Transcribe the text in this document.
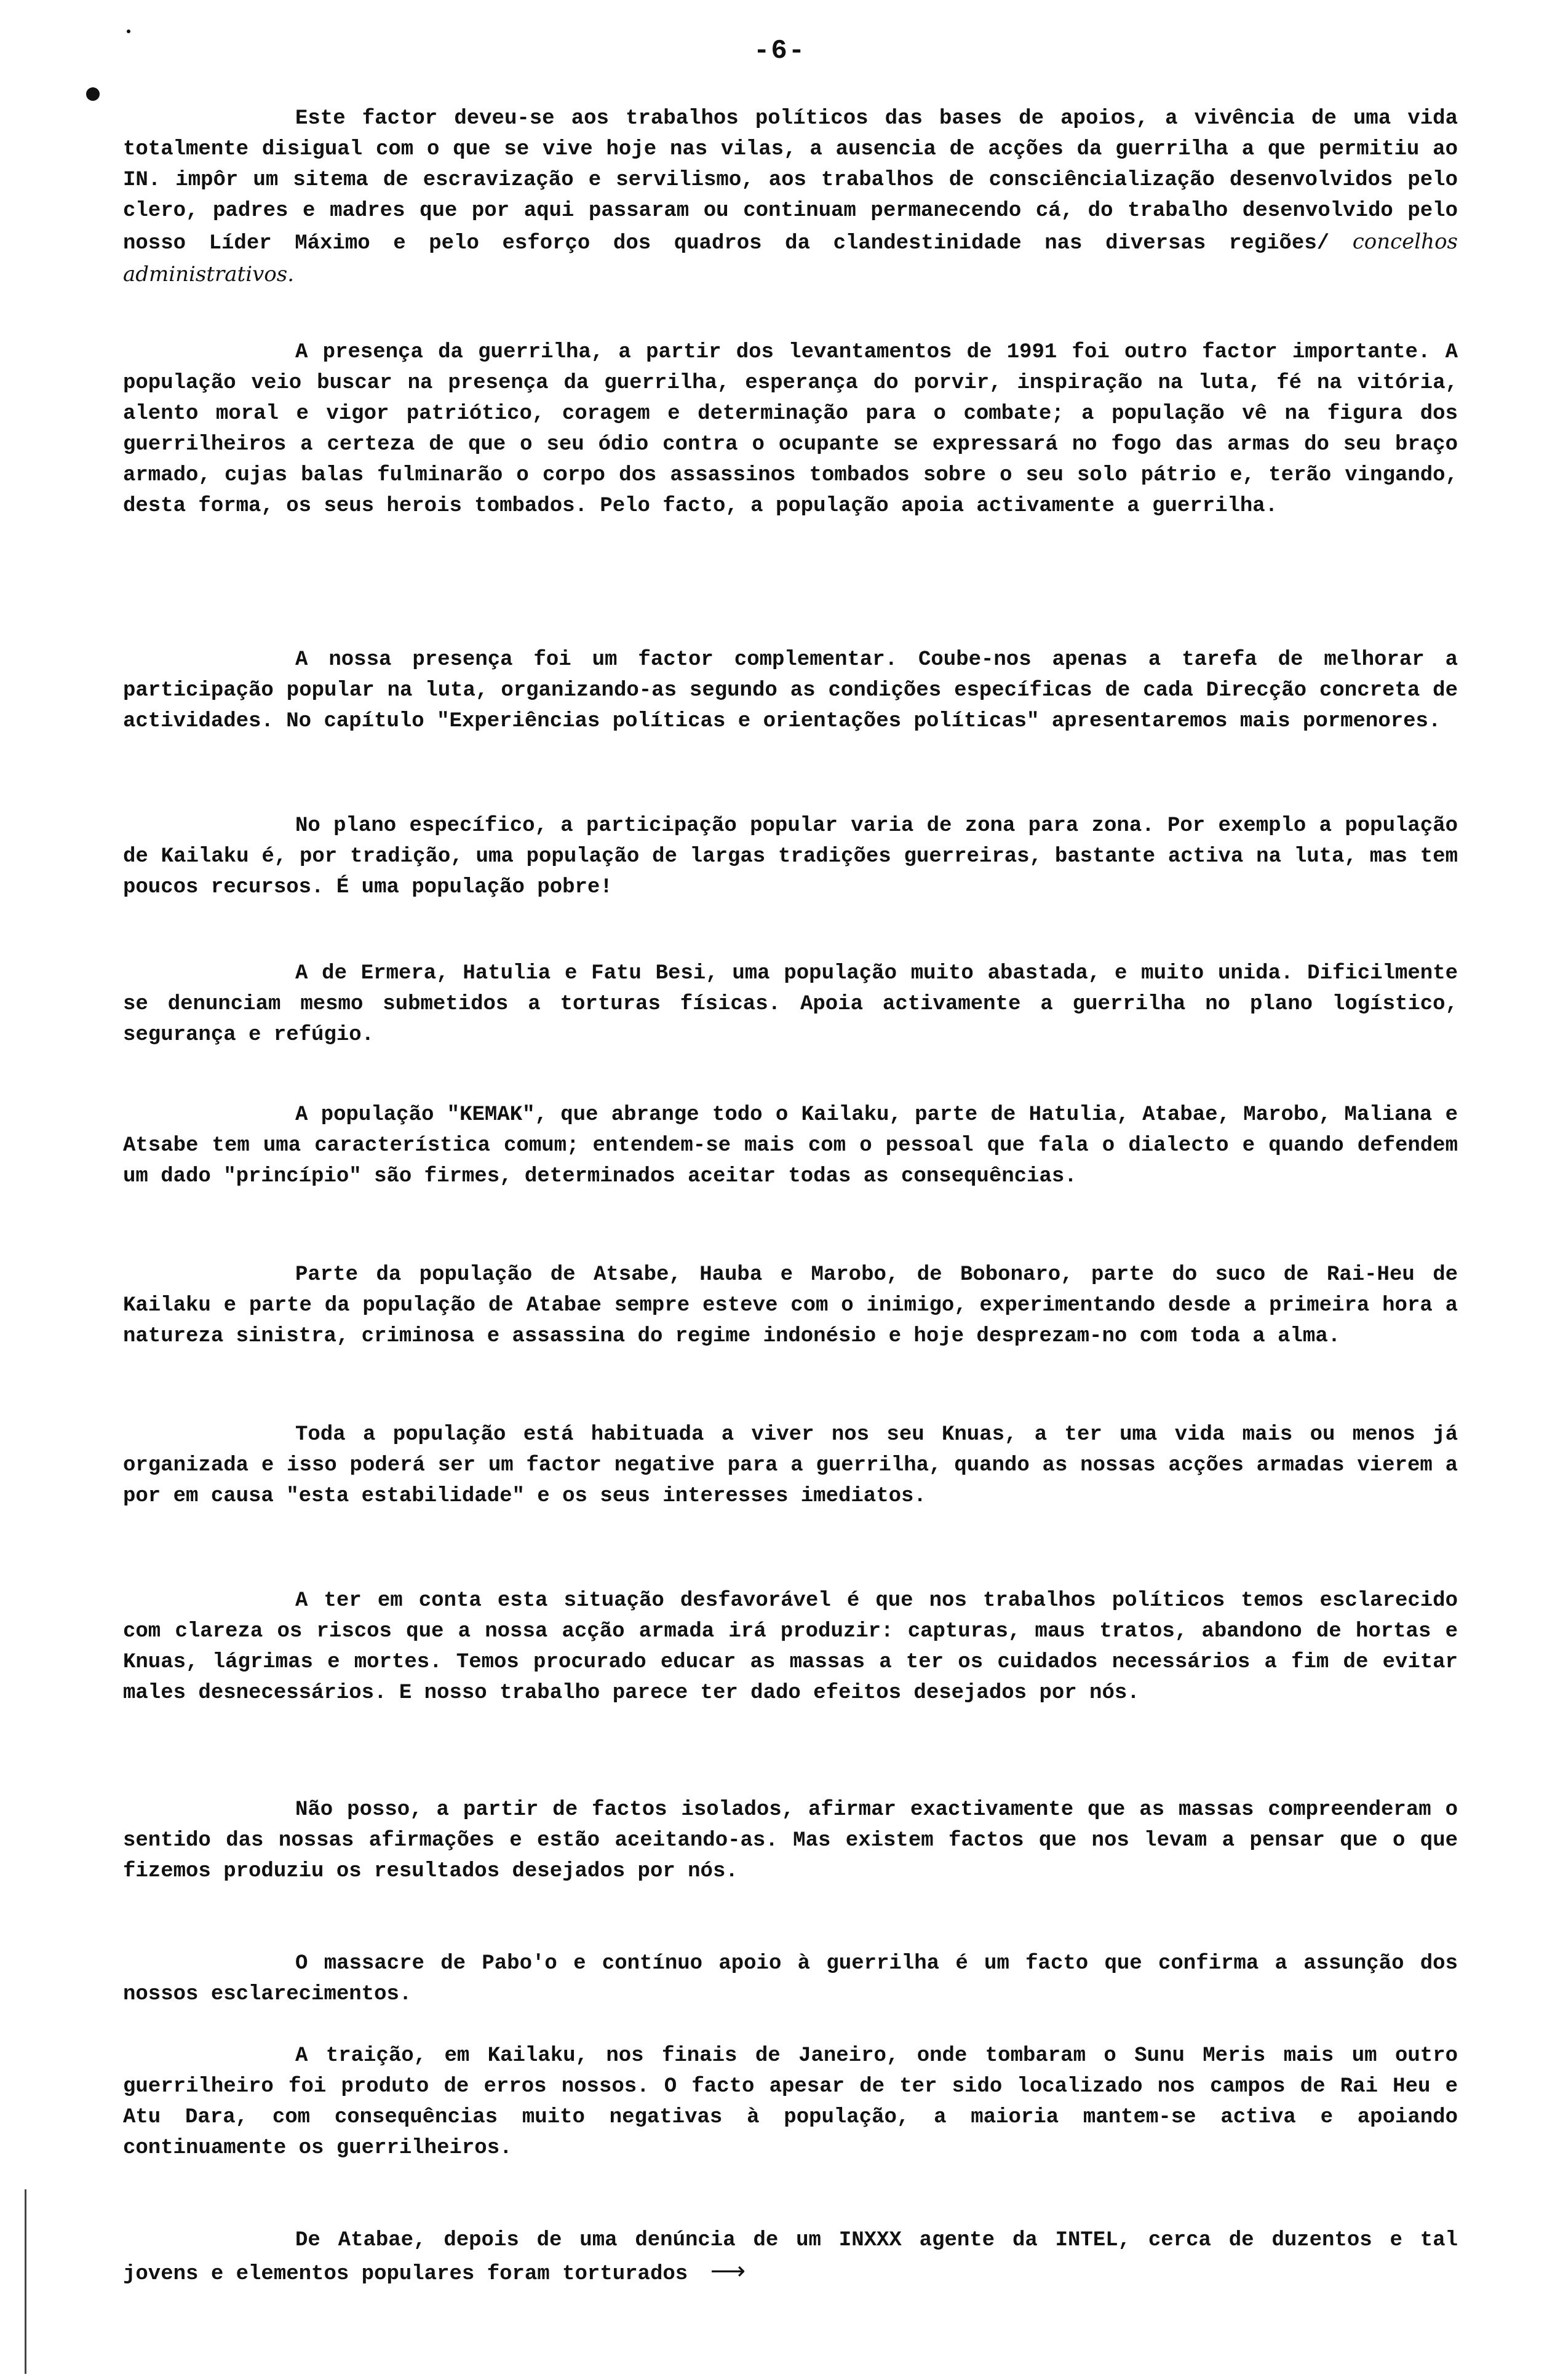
-6-
Este factor deveu-se aos trabalhos políticos das bases de apoios, a vivência de uma vida totalmente disigual com o que se vive hoje nas vilas, a ausencia de acções da guerrilha a que permitiu ao IN. impôr um sitema de escravização e servilismo, aos trabalhos de consciêncialização desenvolvidos pelo clero, padres e madres que por aqui passaram ou continuam permanecendo cá, do trabalho desenvolvido pelo nosso Líder Máximo e pelo esforço dos quadros da clandestinidade nas diversas regiões/ concelhos administrativos.
A presença da guerrilha, a partir dos levantamentos de 1991 foi outro factor importante. A população veio buscar na presença da guerrilha, esperança do porvir, inspiração na luta, fé na vitória, alento moral e vigor patriótico, coragem e determinação para o combate; a população vê na figura dos guerrilheiros a certeza de que o seu ódio contra o ocupante se expressará no fogo das armas do seu braço armado, cujas balas fulminarão o corpo dos assassinos tombados sobre o seu solo pátrio e, terão vingando, desta forma, os seus herois tombados. Pelo facto, a população apoia activamente a guerrilha.
A nossa presença foi um factor complementar. Coube-nos apenas a tarefa de melhorar a participação popular na luta, organizando-as segundo as condições específicas de cada Direcção concreta de actividades. No capítulo "Experiências políticas e orientações políticas" apresentaremos mais pormenores.
No plano específico, a participação popular varia de zona para zona. Por exemplo a população de Kailaku é, por tradição, uma população de largas tradições guerreiras, bastante activa na luta, mas tem poucos recursos. É uma população pobre!
A de Ermera, Hatulia e Fatu Besi, uma população muito abastada, e muito unida. Dificilmente se denunciam mesmo submetidos a torturas físicas. Apoia activamente a guerrilha no plano logístico, segurança e refúgio.
A população "KEMAK", que abrange todo o Kailaku, parte de Hatulia, Atabae, Marobo, Maliana e Atsabe tem uma característica comum; entendem-se mais com o pessoal que fala o dialecto e quando defendem um dado "princípio" são firmes, determinados aceitar todas as consequências.
Parte da população de Atsabe, Hauba e Marobo, de Bobonaro, parte do suco de Rai-Heu de Kailaku e parte da população de Atabae sempre esteve com o inimigo, experimentando desde a primeira hora a natureza sinistra, criminosa e assassina do regime indonésio e hoje desprezam-no com toda a alma.
Toda a população está habituada a viver nos seu Knuas, a ter uma vida mais ou menos já organizada e isso poderá ser um factor negative para a guerrilha, quando as nossas acções armadas vierem a por em causa "esta estabilidade" e os seus interesses imediatos.
A ter em conta esta situação desfavorável é que nos trabalhos políticos temos esclarecido com clareza os riscos que a nossa acção armada irá produzir: capturas, maus tratos, abandono de hortas e Knuas, lágrimas e mortes. Temos procurado educar as massas a ter os cuidados necessários a fim de evitar males desnecessários. E nosso trabalho parece ter dado efeitos desejados por nós.
Não posso, a partir de factos isolados, afirmar exactivamente que as massas compreenderam o sentido das nossas afirmações e estão aceitando-as. Mas existem factos que nos levam a pensar que o que fizemos produziu os resultados desejados por nós.
O massacre de Pabo'o e contínuo apoio à guerrilha é um facto que confirma a assunção dos nossos esclarecimentos.
A traição, em Kailaku, nos finais de Janeiro, onde tombaram o Sunu Meris mais um outro guerrilheiro foi produto de erros nossos. O facto apesar de ter sido localizado nos campos de Rai Heu e Atu Dara, com consequências muito negativas à população, a maioria mantem-se activa e apoiando continuamente os guerrilheiros.
De Atabae, depois de uma denúncia de um INXXX agente da INTEL, cerca de duzentos e tal jovens e elementos populares foram torturados ⟶
